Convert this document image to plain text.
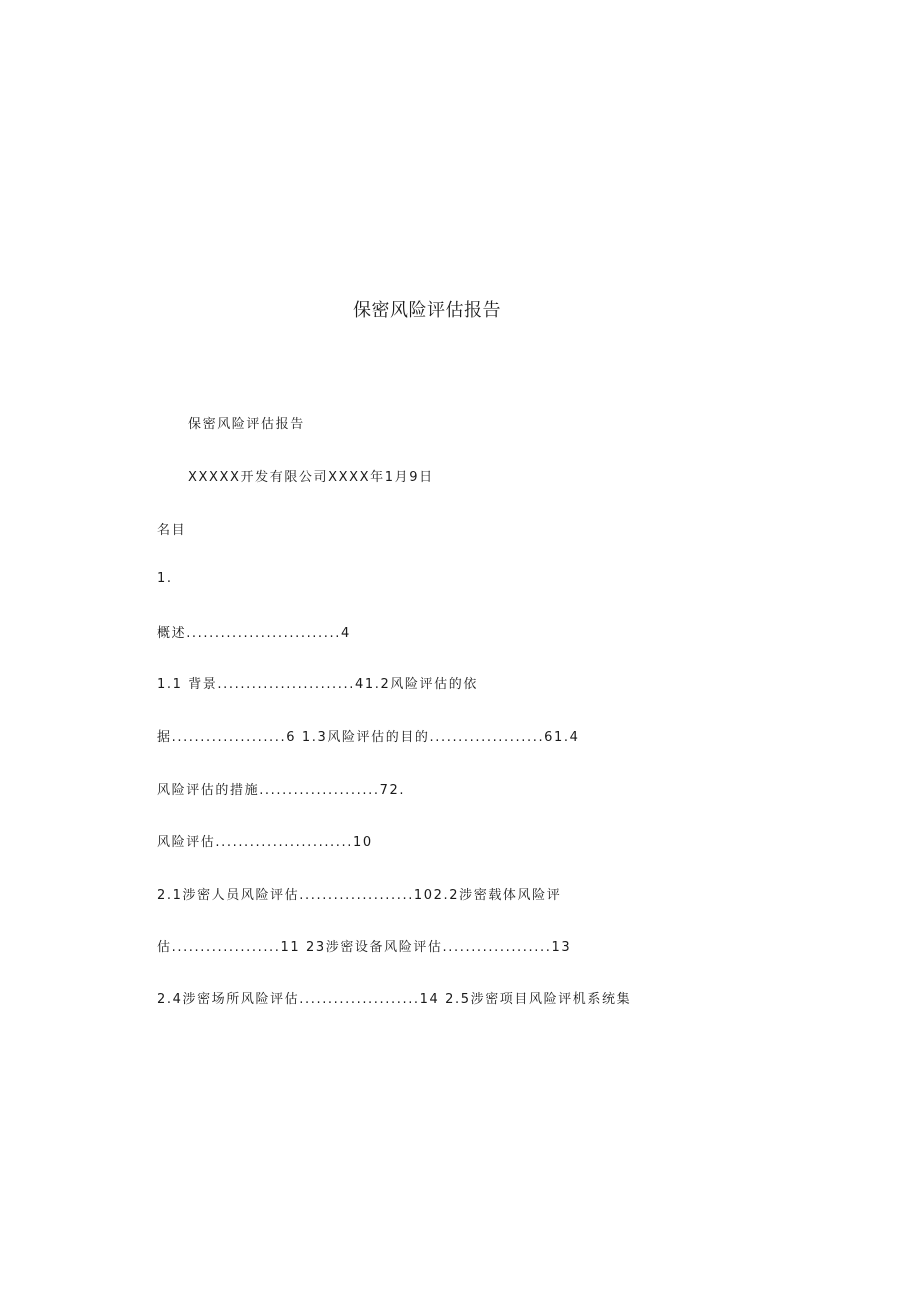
保密风险评估报告
保密风险评估报告
XXXXX开发有限公司XXXX年1月9日
名目
1.
概述...........................4
1.1 背景........................41.2风险评估的依
据....................6 1.3风险评估的目的....................61.4
风险评估的措施.....................72.
风险评估........................10
2.1涉密人员风险评估....................102.2涉密载体风险评
估...................11 23涉密设备风险评估...................13
2.4涉密场所风险评估.....................14 2.5涉密项目风险评机系统集
